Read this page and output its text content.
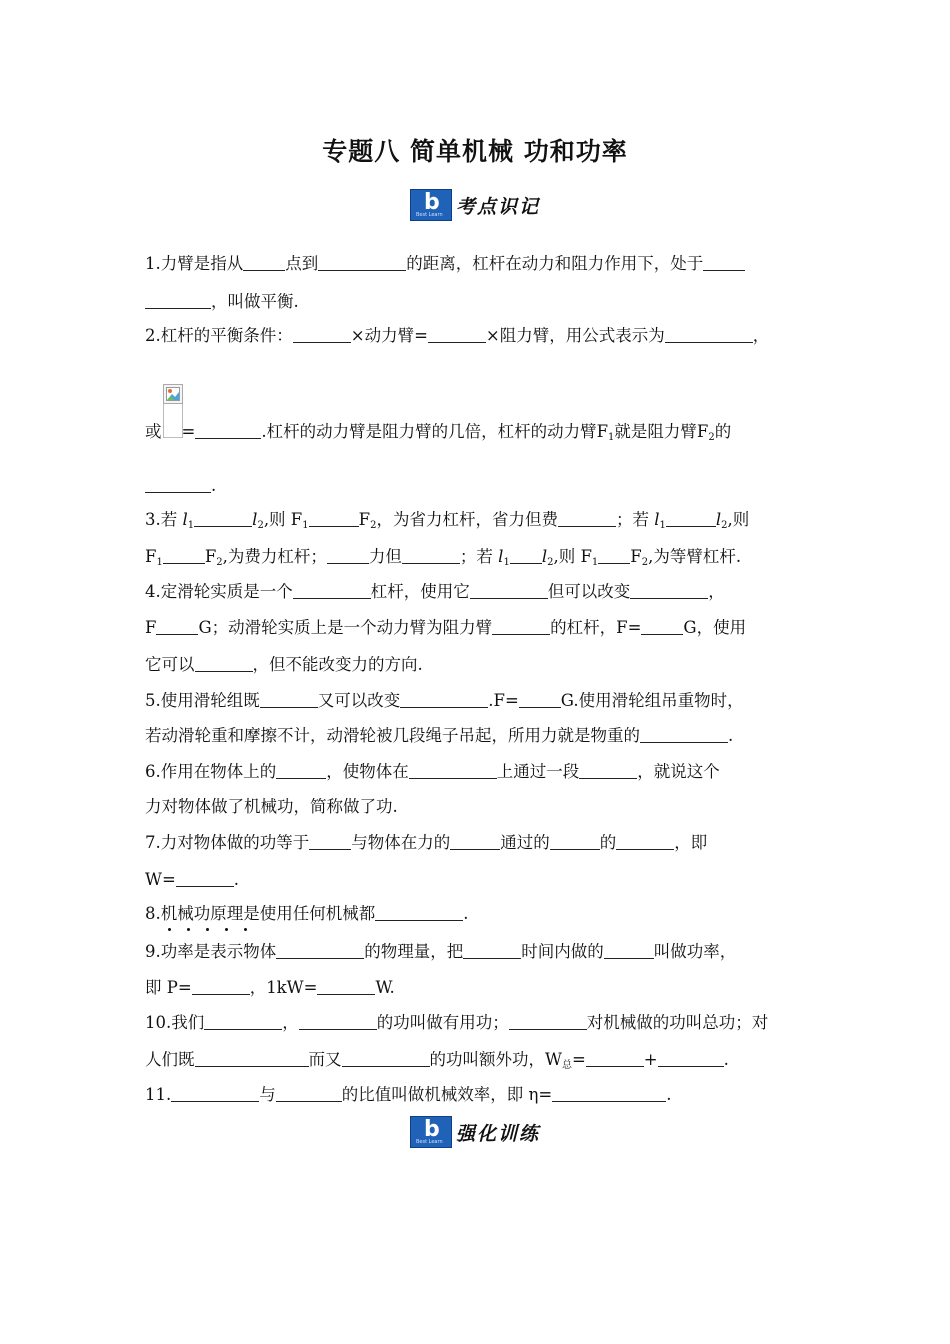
专题八 简单机械 功和功率
b
Best Learn 考点识记
1.力臂是指从	点到	的距离，杠杆在动力和阻力作用下，处于
，叫做平衡.
2.杠杆的平衡条件：	×动力臂=	×阻力臂，用公式表示为	，
或 =	.杠杆的动力臂是阻力臂的几倍，杠杆的动力臂$F_1$就是阻力臂$F_2$的
.
3.若 $l_1$	$l_2$,则 $F_1$	$F_2$，为省力杠杆，省力但费	；若 $l_1$	$l_2$,则
$F_1$	$F_2$,为费力杠杆；	力但	；若 $l_1$ $l_2$,则 $F_1$ $F_2$,为等臂杠杆.
4.定滑轮实质是一个	杠杆，使用它	但可以改变	，
F	G；动滑轮实质上是一个动力臂为阻力臂	的杠杆，F=	G，使用
它可以	，但不能改变力的方向.
5.使用滑轮组既	又可以改变	.F=	G.使用滑轮组吊重物时，
若动滑轮重和摩擦不计，动滑轮被几段绳子吊起，所用力就是物重的	.
6.作用在物体上的	，使物体在	上通过一段	，就说这个
力对物体做了机械功，简称做了功.
7.力对物体做的功等于	与物体在力的	通过的	的	，即
W=	.
8.机械功原理是使用任何机械都	.
9.功率是表示物体	的物理量，把	时间内做的	叫做功率，
即 P=	，1kW=	W.
10.我们	，	的功叫做有用功；	对机械做的功叫总功；对
人们既	而又	的功叫额外功，$W_总=$	+	.
11.	与	的比值叫做机械效率，即 η=	.
b
Best Learn 强化训练
